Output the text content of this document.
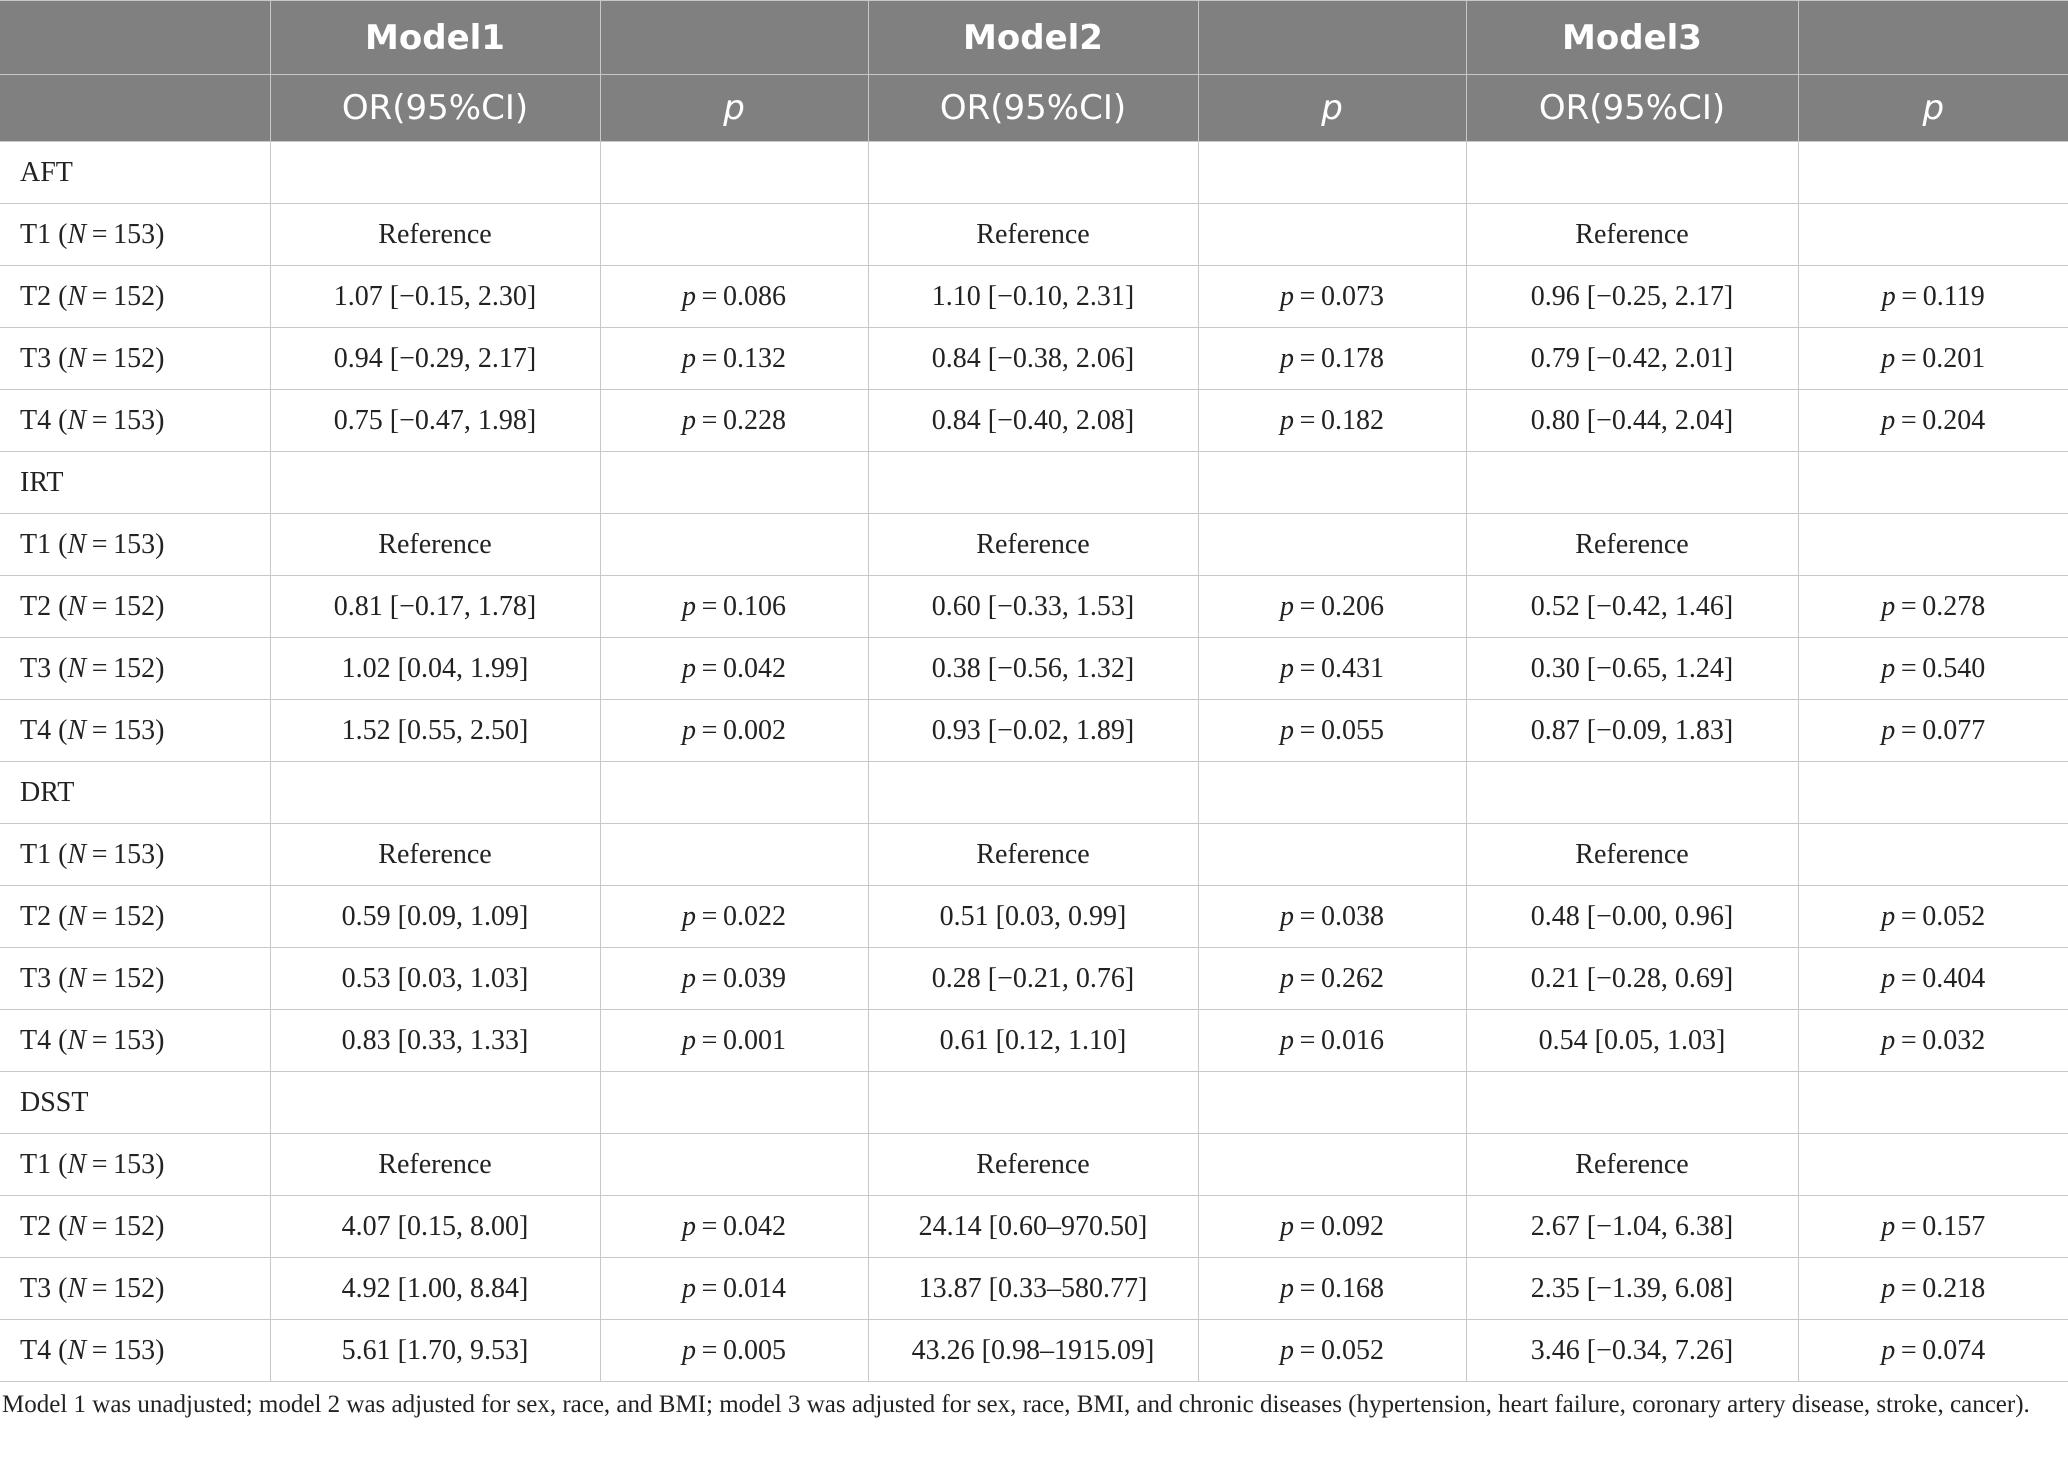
	Model1		Model2		Model3	
	OR(95%CI)	p	OR(95%CI)	p	OR(95%CI)	p
AFT						
T1 (N = 153)	Reference		Reference		Reference	
T2 (N = 152)	1.07 [−0.15, 2.30]	p = 0.086	1.10 [−0.10, 2.31]	p = 0.073	0.96 [−0.25, 2.17]	p = 0.119
T3 (N = 152)	0.94 [−0.29, 2.17]	p = 0.132	0.84 [−0.38, 2.06]	p = 0.178	0.79 [−0.42, 2.01]	p = 0.201
T4 (N = 153)	0.75 [−0.47, 1.98]	p = 0.228	0.84 [−0.40, 2.08]	p = 0.182	0.80 [−0.44, 2.04]	p = 0.204
IRT						
T1 (N = 153)	Reference		Reference		Reference	
T2 (N = 152)	0.81 [−0.17, 1.78]	p = 0.106	0.60 [−0.33, 1.53]	p = 0.206	0.52 [−0.42, 1.46]	p = 0.278
T3 (N = 152)	1.02 [0.04, 1.99]	p = 0.042	0.38 [−0.56, 1.32]	p = 0.431	0.30 [−0.65, 1.24]	p = 0.540
T4 (N = 153)	1.52 [0.55, 2.50]	p = 0.002	0.93 [−0.02, 1.89]	p = 0.055	0.87 [−0.09, 1.83]	p = 0.077
DRT						
T1 (N = 153)	Reference		Reference		Reference	
T2 (N = 152)	0.59 [0.09, 1.09]	p = 0.022	0.51 [0.03, 0.99]	p = 0.038	0.48 [−0.00, 0.96]	p = 0.052
T3 (N = 152)	0.53 [0.03, 1.03]	p = 0.039	0.28 [−0.21, 0.76]	p = 0.262	0.21 [−0.28, 0.69]	p = 0.404
T4 (N = 153)	0.83 [0.33, 1.33]	p = 0.001	0.61 [0.12, 1.10]	p = 0.016	0.54 [0.05, 1.03]	p = 0.032
DSST						
T1 (N = 153)	Reference		Reference		Reference	
T2 (N = 152)	4.07 [0.15, 8.00]	p = 0.042	24.14 [0.60–970.50]	p = 0.092	2.67 [−1.04, 6.38]	p = 0.157
T3 (N = 152)	4.92 [1.00, 8.84]	p = 0.014	13.87 [0.33–580.77]	p = 0.168	2.35 [−1.39, 6.08]	p = 0.218
T4 (N = 153)	5.61 [1.70, 9.53]	p = 0.005	43.26 [0.98–1915.09]	p = 0.052	3.46 [−0.34, 7.26]	p = 0.074
Model 1 was unadjusted; model 2 was adjusted for sex, race, and BMI; model 3 was adjusted for sex, race, BMI, and chronic diseases (hypertension, heart failure, coronary artery disease, stroke, cancer).
